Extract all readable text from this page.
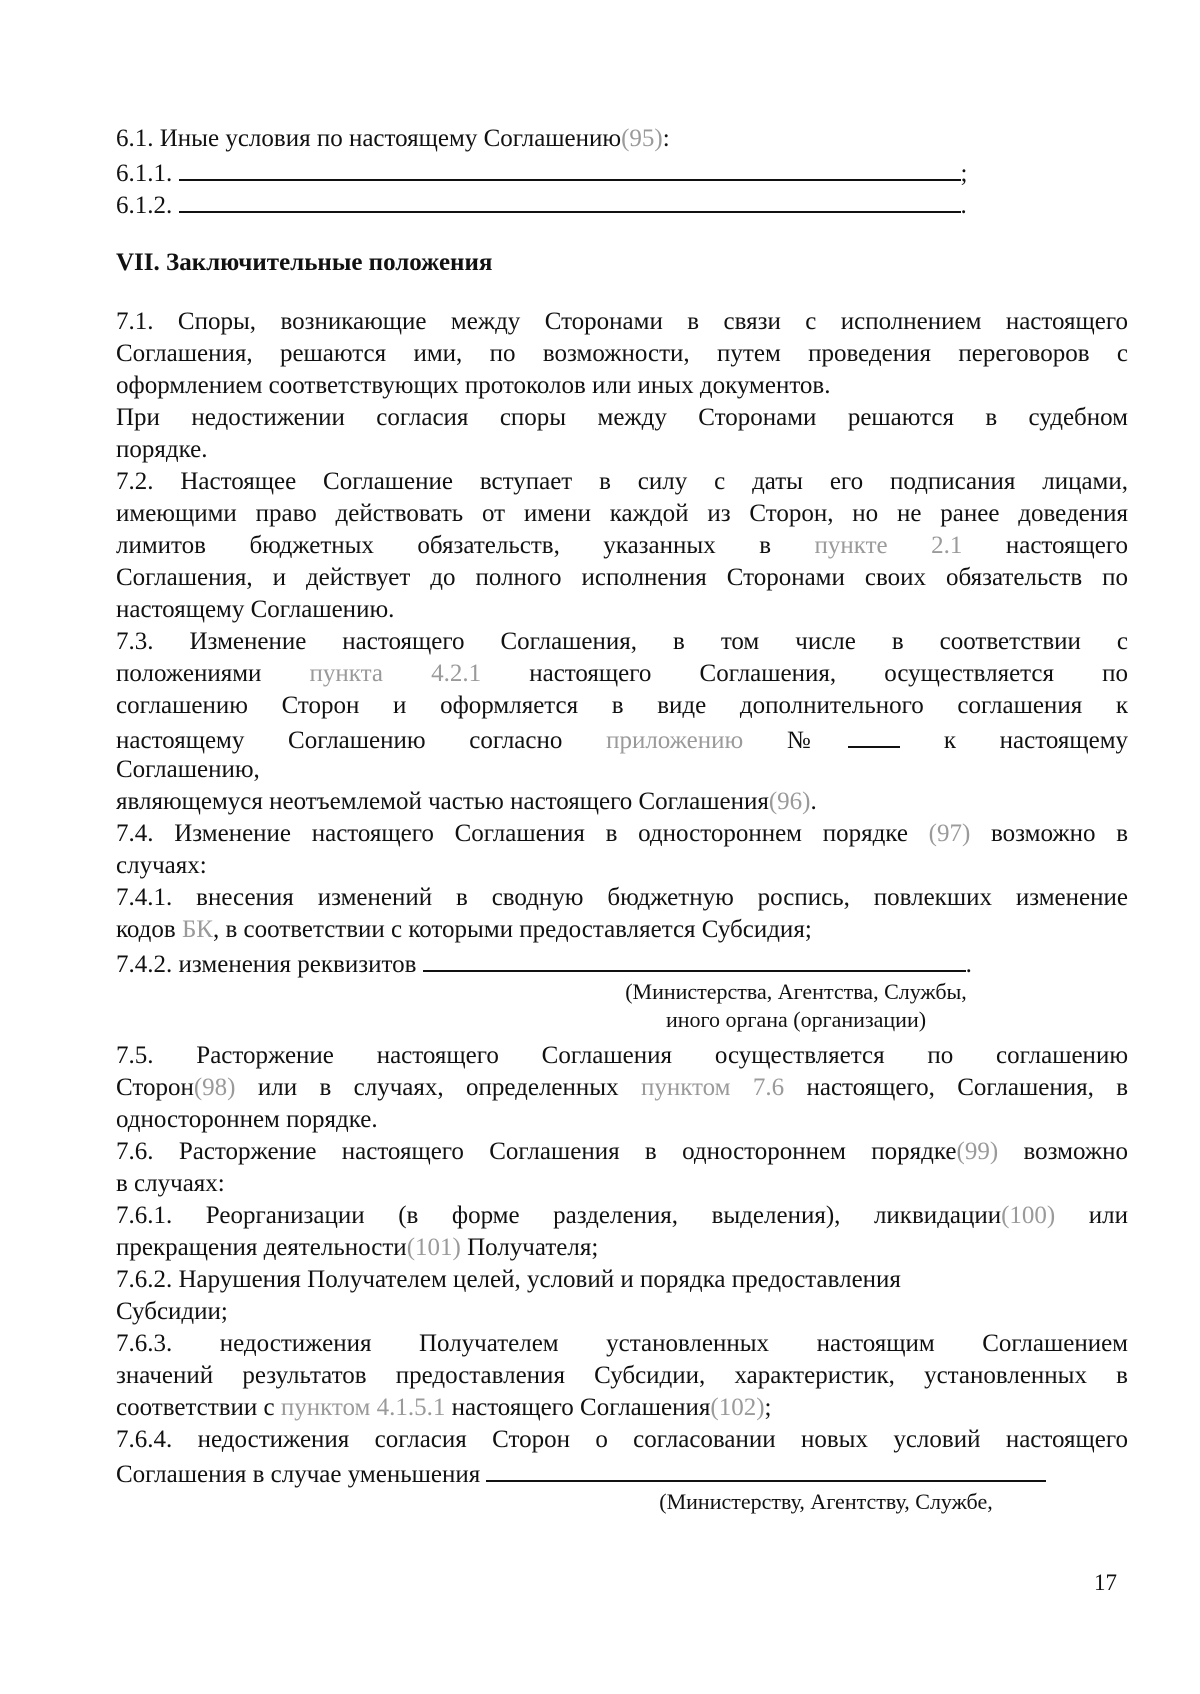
6.1. Иные условия по настоящему Соглашению(95):
6.1.1.	;
6.1.2.	.
VII. Заключительные положения
7.1. Споры, возникающие между Сторонами в связи с исполнением настоящего
Соглашения, решаются ими, по возможности, путем проведения переговоров с
оформлением соответствующих протоколов или иных документов.
При недостижении согласия споры между Сторонами решаются в судебном
порядке.
7.2. Настоящее Соглашение вступает в силу с даты его подписания лицами,
имеющими право действовать от имени каждой из Сторон, но не ранее доведения
лимитов бюджетных обязательств, указанных в пункте 2.1 настоящего
Соглашения, и действует до полного исполнения Сторонами своих обязательств по
настоящему Соглашению.
7.3. Изменение настоящего Соглашения, в том числе в соответствии с
положениями пункта 4.2.1 настоящего Соглашения, осуществляется по
соглашению Сторон и оформляется в виде дополнительного соглашения к
настоящему Соглашению согласно приложению №	к настоящему
Соглашению,
являющемуся неотъемлемой частью настоящего Соглашения(96).
7.4. Изменение настоящего Соглашения в одностороннем порядке (97) возможно в
случаях:
7.4.1. внесения изменений в сводную бюджетную роспись, повлекших изменение
кодов БК, в соответствии с которыми предоставляется Субсидия;
7.4.2. изменения реквизитов	.
(Министерства, Агентства, Службы,
иного органа (организации)
7.5. Расторжение настоящего Соглашения осуществляется по соглашению
Сторон(98) или в случаях, определенных пунктом 7.6 настоящего, Соглашения, в
одностороннем порядке.
7.6. Расторжение настоящего Соглашения в одностороннем порядке(99) возможно
в случаях:
7.6.1. Реорганизации (в форме разделения, выделения), ликвидации(100) или
прекращения деятельности(101) Получателя;
7.6.2. Нарушения Получателем целей, условий и порядка предоставления
Субсидии;
7.6.3. недостижения Получателем установленных настоящим Соглашением
значений результатов предоставления Субсидии, характеристик, установленных в
соответствии с пунктом 4.1.5.1 настоящего Соглашения(102);
7.6.4. недостижения согласия Сторон о согласовании новых условий настоящего
Соглашения в случае уменьшения
(Министерству, Агентству, Службе,
17
